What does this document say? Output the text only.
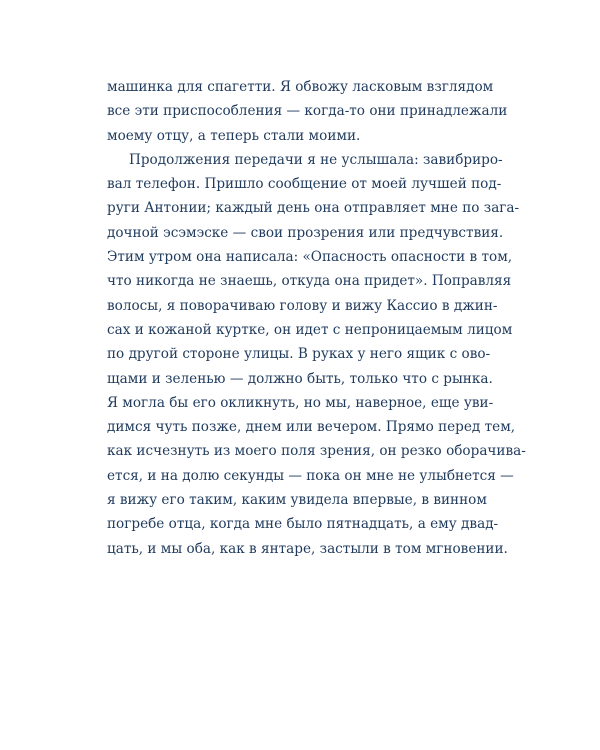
машинка для спагетти. Я обвожу ласковым взглядом
все эти приспособления — когда-то они принадлежали
моему отцу, а теперь стали моими.
Продолжения передачи я не услышала: завибриро-
вал телефон. Пришло сообщение от моей лучшей под-
руги Антонии; каждый день она отправляет мне по зага-
дочной эсэмэске — свои прозрения или предчувствия.
Этим утром она написала: «Опасность опасности в том,
что никогда не знаешь, откуда она придет». Поправляя
волосы, я поворачиваю голову и вижу Кассио в джин-
сах и кожаной куртке, он идет с непроницаемым лицом
по другой стороне улицы. В руках у него ящик с ово-
щами и зеленью — должно быть, только что с рынка.
Я могла бы его окликнуть, но мы, наверное, еще уви-
димся чуть позже, днем или вечером. Прямо перед тем,
как исчезнуть из моего поля зрения, он резко оборачива-
ется, и на долю секунды — пока он мне не улыбнется —
я вижу его таким, каким увидела впервые, в винном
погребе отца, когда мне было пятнадцать, а ему двад-
цать, и мы оба, как в янтаре, застыли в том мгновении.
